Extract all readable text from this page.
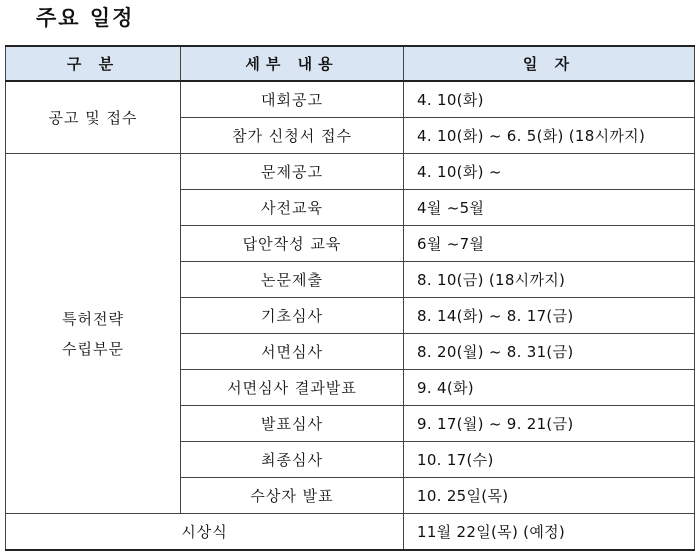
주요 일정
구 분	세부 내용	일 자
공고 및 접수	대회공고	4. 10(화)
	참가 신청서 접수	4. 10(화) ~ 6. 5(화) (18시까지)

특허전략
수립부문	문제공고	4. 10(화) ~
	사전교육	4월 ~5월
	답안작성 교육	6월 ~7월
	논문제출	8. 10(금) (18시까지)
	기초심사	8. 14(화) ~ 8. 17(금)
	서면심사	8. 20(월) ~ 8. 31(금)
	서면심사 결과발표	9. 4(화)
	발표심사	9. 17(월) ~ 9. 21(금)
	최종심사	10. 17(수)
	수상자 발표	10. 25일(목)
시상식		11월 22일(목) (예정)
